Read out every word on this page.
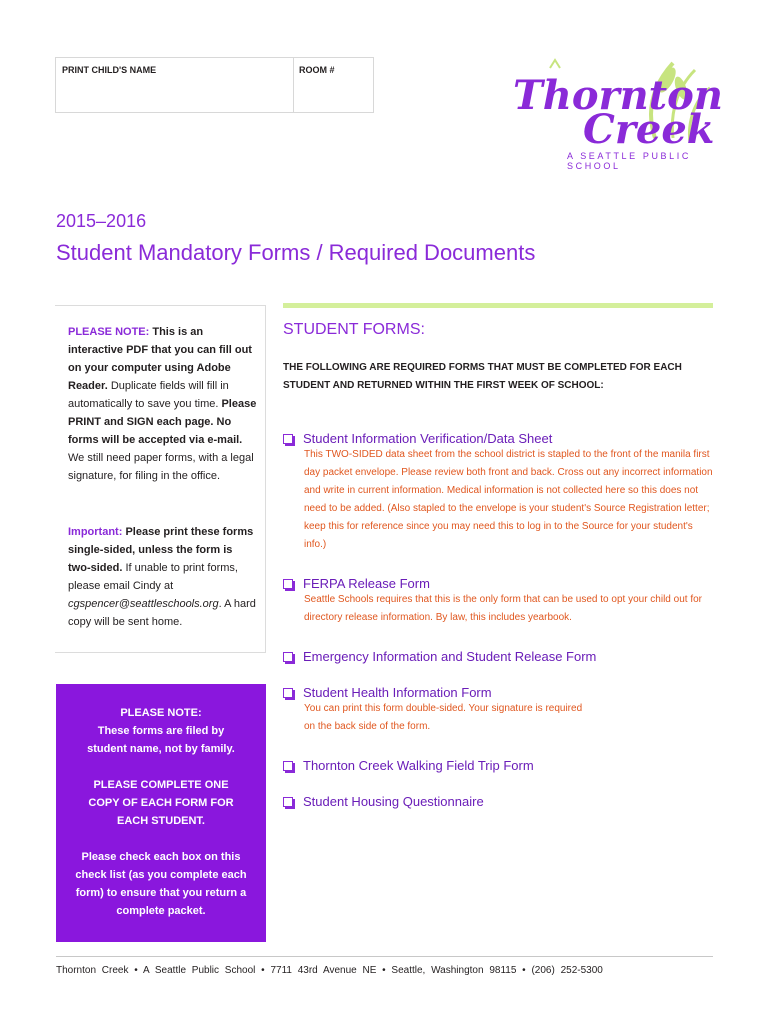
PRINT CHILD'S NAME	ROOM #
Thornton
Creek
A SEATTLE PUBLIC SCHOOL
2015–2016
Student Mandatory Forms / Required Documents
PLEASE NOTE: This is an interactive PDF that you can fill out on your computer using Adobe Reader. Duplicate fields will fill in automatically to save you time. Please PRINT and SIGN each page. No forms will be accepted via e-mail. We still need paper forms, with a legal signature, for filing in the office.
Important: Please print these forms single-sided, unless the form is two-sided. If unable to print forms, please email Cindy at cgspencer@seattleschools.org. A hard copy will be sent home.
PLEASE NOTE:
These forms are filed by student name, not by family.
PLEASE COMPLETE ONE COPY OF EACH FORM FOR EACH STUDENT.
Please check each box on this check list (as you complete each form) to ensure that you return a complete packet.
STUDENT FORMS:
THE FOLLOWING ARE REQUIRED FORMS THAT MUST BE COMPLETED FOR EACH STUDENT AND RETURNED WITHIN THE FIRST WEEK OF SCHOOL:
Student Information Verification/Data Sheet
This TWO-SIDED data sheet from the school district is stapled to the front of the manila first day packet envelope. Please review both front and back. Cross out any incorrect information and write in current information. Medical information is not collected here so this does not need to be added. (Also stapled to the envelope is your student's Source Registration letter; keep this for reference since you may need this to log in to the Source for your student's info.)
FERPA Release Form
Seattle Schools requires that this is the only form that can be used to opt your child out for directory release information. By law, this includes yearbook.
Emergency Information and Student Release Form
Student Health Information Form
You can print this form double-sided. Your signature is required on the back side of the form.
Thornton Creek Walking Field Trip Form
Student Housing Questionnaire
Thornton Creek • A Seattle Public School • 7711 43rd Avenue NE • Seattle, Washington 98115 • (206) 252-5300
